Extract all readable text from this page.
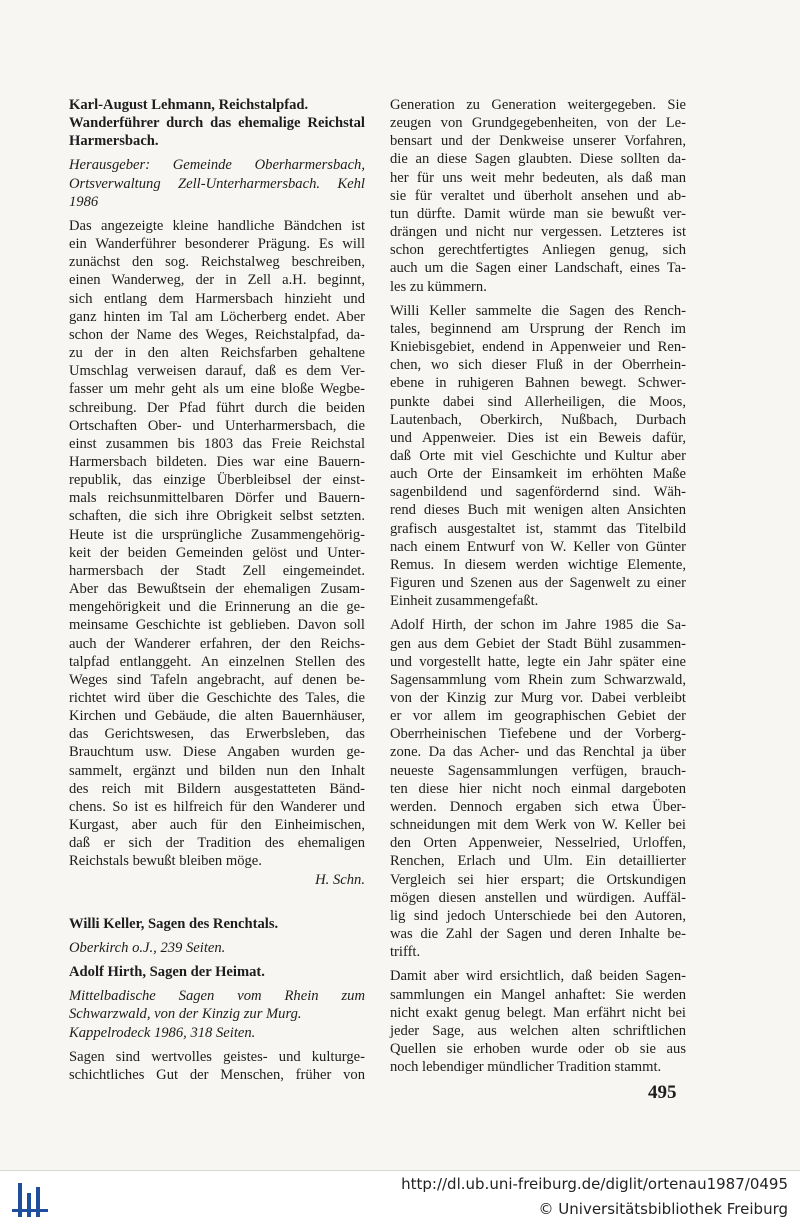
Karl-August Lehmann, Reichstalpfad.
Wanderführer durch das ehemalige Reichstal
Harmersbach.
Herausgeber: Gemeinde Oberharmersbach,
Ortsverwaltung Zell-Unterharmersbach. Kehl
1986
Das angezeigte kleine handliche Bändchen ist
ein Wanderführer besonderer Prägung. Es will
zunächst den sog. Reichstalweg beschreiben,
einen Wanderweg, der in Zell a.H. beginnt,
sich entlang dem Harmersbach hinzieht und
ganz hinten im Tal am Löcherberg endet. Aber
schon der Name des Weges, Reichstalpfad, da-
zu der in den alten Reichsfarben gehaltene
Umschlag verweisen darauf, daß es dem Ver-
fasser um mehr geht als um eine bloße Wegbe-
schreibung. Der Pfad führt durch die beiden
Ortschaften Ober- und Unterharmersbach, die
einst zusammen bis 1803 das Freie Reichstal
Harmersbach bildeten. Dies war eine Bauern-
republik, das einzige Überbleibsel der einst-
mals reichsunmittelbaren Dörfer und Bauern-
schaften, die sich ihre Obrigkeit selbst setzten.
Heute ist die ursprüngliche Zusammengehörig-
keit der beiden Gemeinden gelöst und Unter-
harmersbach der Stadt Zell eingemeindet.
Aber das Bewußtsein der ehemaligen Zusam-
mengehörigkeit und die Erinnerung an die ge-
meinsame Geschichte ist geblieben. Davon soll
auch der Wanderer erfahren, der den Reichs-
talpfad entlanggeht. An einzelnen Stellen des
Weges sind Tafeln angebracht, auf denen be-
richtet wird über die Geschichte des Tales, die
Kirchen und Gebäude, die alten Bauernhäuser,
das Gerichtswesen, das Erwerbsleben, das
Brauchtum usw. Diese Angaben wurden ge-
sammelt, ergänzt und bilden nun den Inhalt
des reich mit Bildern ausgestatteten Bänd-
chens. So ist es hilfreich für den Wanderer und
Kurgast, aber auch für den Einheimischen,
daß er sich der Tradition des ehemaligen
Reichstals bewußt bleiben möge.
H. Schn.
Willi Keller, Sagen des Renchtals.
Oberkirch o.J., 239 Seiten.
Adolf Hirth, Sagen der Heimat.
Mittelbadische Sagen vom Rhein zum
Schwarzwald, von der Kinzig zur Murg.
Kappelrodeck 1986, 318 Seiten.
Sagen sind wertvolles geistes- und kulturge-
schichtliches Gut der Menschen, früher von
Generation zu Generation weitergegeben. Sie
zeugen von Grundgegebenheiten, von der Le-
bensart und der Denkweise unserer Vorfahren,
die an diese Sagen glaubten. Diese sollten da-
her für uns weit mehr bedeuten, als daß man
sie für veraltet und überholt ansehen und ab-
tun dürfte. Damit würde man sie bewußt ver-
drängen und nicht nur vergessen. Letzteres ist
schon gerechtfertigtes Anliegen genug, sich
auch um die Sagen einer Landschaft, eines Ta-
les zu kümmern.
Willi Keller sammelte die Sagen des Rench-
tales, beginnend am Ursprung der Rench im
Kniebisgebiet, endend in Appenweier und Ren-
chen, wo sich dieser Fluß in der Oberrhein-
ebene in ruhigeren Bahnen bewegt. Schwer-
punkte dabei sind Allerheiligen, die Moos,
Lautenbach, Oberkirch, Nußbach, Durbach
und Appenweier. Dies ist ein Beweis dafür,
daß Orte mit viel Geschichte und Kultur aber
auch Orte der Einsamkeit im erhöhten Maße
sagenbildend und sagenfördernd sind. Wäh-
rend dieses Buch mit wenigen alten Ansichten
grafisch ausgestaltet ist, stammt das Titelbild
nach einem Entwurf von W. Keller von Günter
Remus. In diesem werden wichtige Elemente,
Figuren und Szenen aus der Sagenwelt zu einer
Einheit zusammengefaßt.
Adolf Hirth, der schon im Jahre 1985 die Sa-
gen aus dem Gebiet der Stadt Bühl zusammen-
und vorgestellt hatte, legte ein Jahr später eine
Sagensammlung vom Rhein zum Schwarzwald,
von der Kinzig zur Murg vor. Dabei verbleibt
er vor allem im geographischen Gebiet der
Oberrheinischen Tiefebene und der Vorberg-
zone. Da das Acher- und das Renchtal ja über
neueste Sagensammlungen verfügen, brauch-
ten diese hier nicht noch einmal dargeboten
werden. Dennoch ergaben sich etwa Über-
schneidungen mit dem Werk von W. Keller bei
den Orten Appenweier, Nesselried, Urloffen,
Renchen, Erlach und Ulm. Ein detaillierter
Vergleich sei hier erspart; die Ortskundigen
mögen diesen anstellen und würdigen. Auffäl-
lig sind jedoch Unterschiede bei den Autoren,
was die Zahl der Sagen und deren Inhalte be-
trifft.
Damit aber wird ersichtlich, daß beiden Sagen-
sammlungen ein Mangel anhaftet: Sie werden
nicht exakt genug belegt. Man erfährt nicht bei
jeder Sage, aus welchen alten schriftlichen
Quellen sie erhoben wurde oder ob sie aus
noch lebendiger mündlicher Tradition stammt.
495
http://dl.ub.uni-freiburg.de/diglit/ortenau1987/0495
© Universitätsbibliothek Freiburg
